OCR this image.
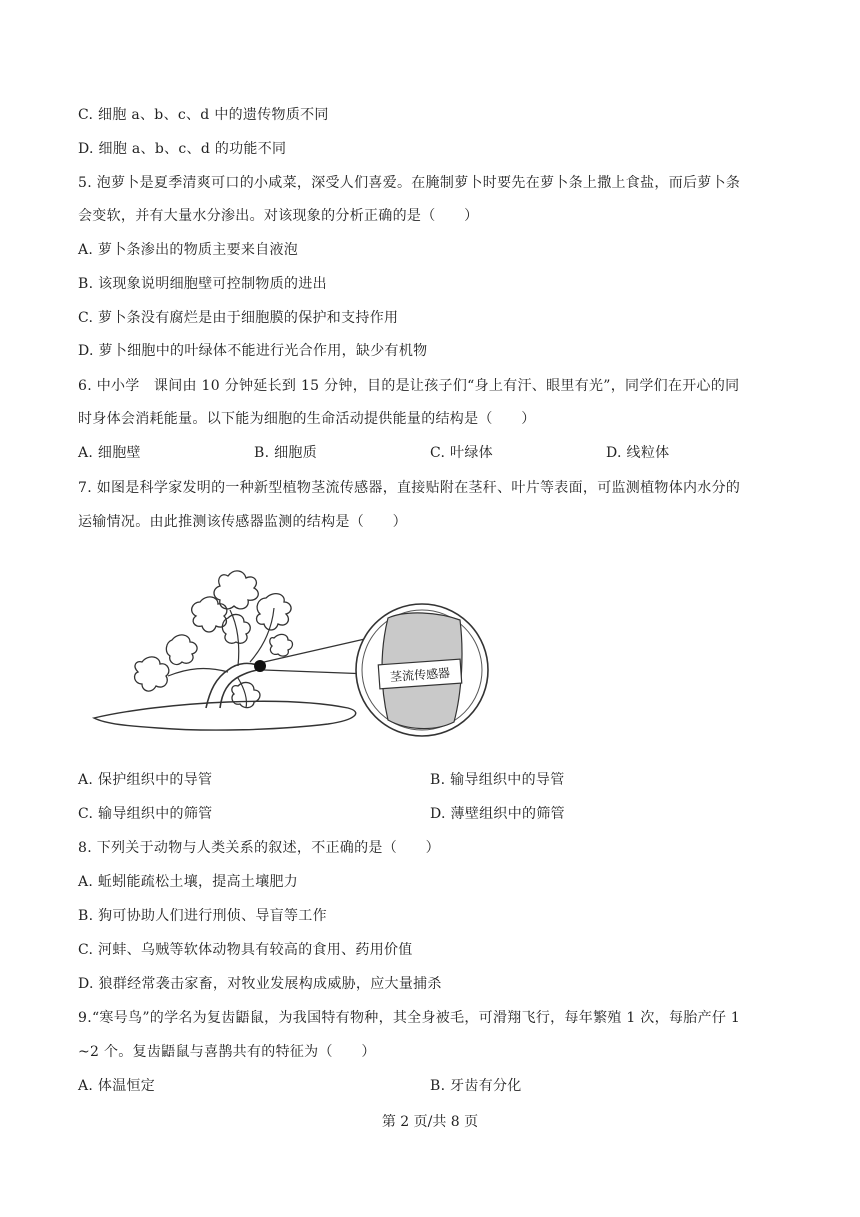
C. 细胞 a、b、c、d 中的遗传物质不同
D. 细胞 a、b、c、d 的功能不同
5. 泡萝卜是夏季清爽可口的小咸菜，深受人们喜爱。在腌制萝卜时要先在萝卜条上撒上食盐，而后萝卜条
会变软，并有大量水分渗出。对该现象的分析正确的是（　　）
A. 萝卜条渗出的物质主要来自液泡
B. 该现象说明细胞壁可控制物质的进出
C. 萝卜条没有腐烂是由于细胞膜的保护和支持作用
D. 萝卜细胞中的叶绿体不能进行光合作用，缺少有机物
6. 中小学　课间由 10 分钟延长到 15 分钟，目的是让孩子们“身上有汗、眼里有光”，同学们在开心的同
时身体会消耗能量。以下能为细胞的生命活动提供能量的结构是（　　）
A. 细胞壁	B. 细胞质	C. 叶绿体	D. 线粒体
7. 如图是科学家发明的一种新型植物茎流传感器，直接贴附在茎秆、叶片等表面，可监测植物体内水分的
运输情况。由此推测该传感器监测的结构是（　　）
茎流传感器
A. 保护组织中的导管	B. 输导组织中的导管
C. 输导组织中的筛管	D. 薄壁组织中的筛管
8. 下列关于动物与人类关系的叙述，不正确的是（　　）
A. 蚯蚓能疏松土壤，提高土壤肥力
B. 狗可协助人们进行刑侦、导盲等工作
C. 河蚌、乌贼等软体动物具有较高的食用、药用价值
D. 狼群经常袭击家畜，对牧业发展构成威胁，应大量捕杀
9.“寒号鸟”的学名为复齿鼯鼠，为我国特有物种，其全身被毛，可滑翔飞行，每年繁殖 1 次，每胎产仔 1
~2 个。复齿鼯鼠与喜鹊共有的特征为（　　）
A. 体温恒定	B. 牙齿有分化
第 2 页/共 8 页
